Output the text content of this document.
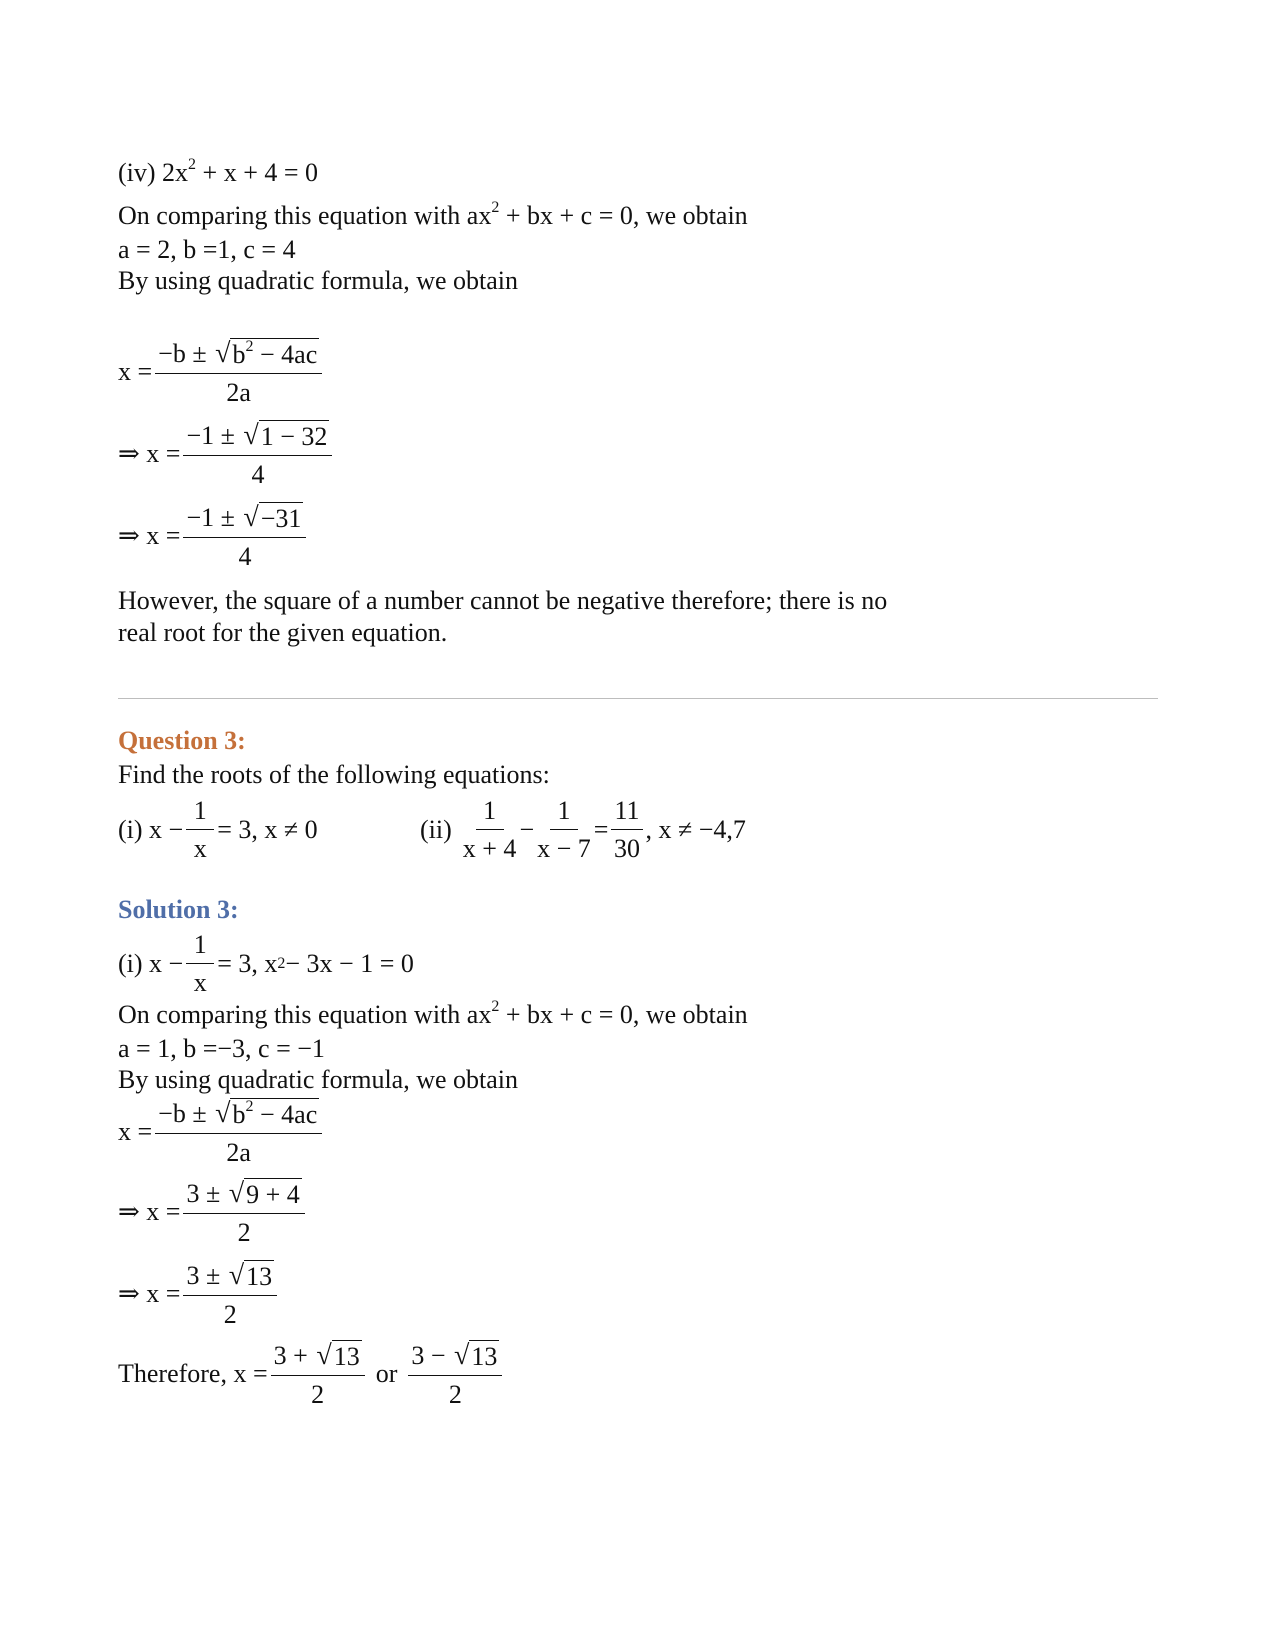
(iv) $2x^2 + x + 4 = 0$
On comparing this equation with $ax^2$ + bx + c = 0, we obtain
a = 2, b =1, c = 4
By using quadratic formula, we obtain
$x = \frac{-b \pm √ b^2 - 4ac}{2a}$
⇒ $x = \frac{-1 \pm √ 1 - 32}{4}$
⇒ $x = \frac{-1 \pm √ -31}{4}$
However, the square of a number cannot be negative therefore; there is no
real root for the given equation.
Question 3:
Find the roots of the following equations:
(i) $x - \frac{1}{x} = 3$, x ≠ 0	$(ii) \frac{1}{x + 4} - \frac{1}{x - 7} = \frac{11}{30}$ , x ≠ −4,7
Solution 3:
(i) $x - \frac{1}{x} = 3$, x 2 − 3x − 1 = 0
On comparing this equation with $ax^2$ + bx + c = 0, we obtain
a = 1, b =−3, c = −1
By using quadratic formula, we obtain
$x = \frac{-b \pm √ b^2 - 4ac}{2a}$
⇒ $x = \frac{3 \pm √ 9 + 4}{2}$
⇒ $x = \frac{3 \pm √ 13}{2}$
Therefore, $x = \frac{3 + √ 13}{2}$ or $\frac{3 - √ 13}{2}$
